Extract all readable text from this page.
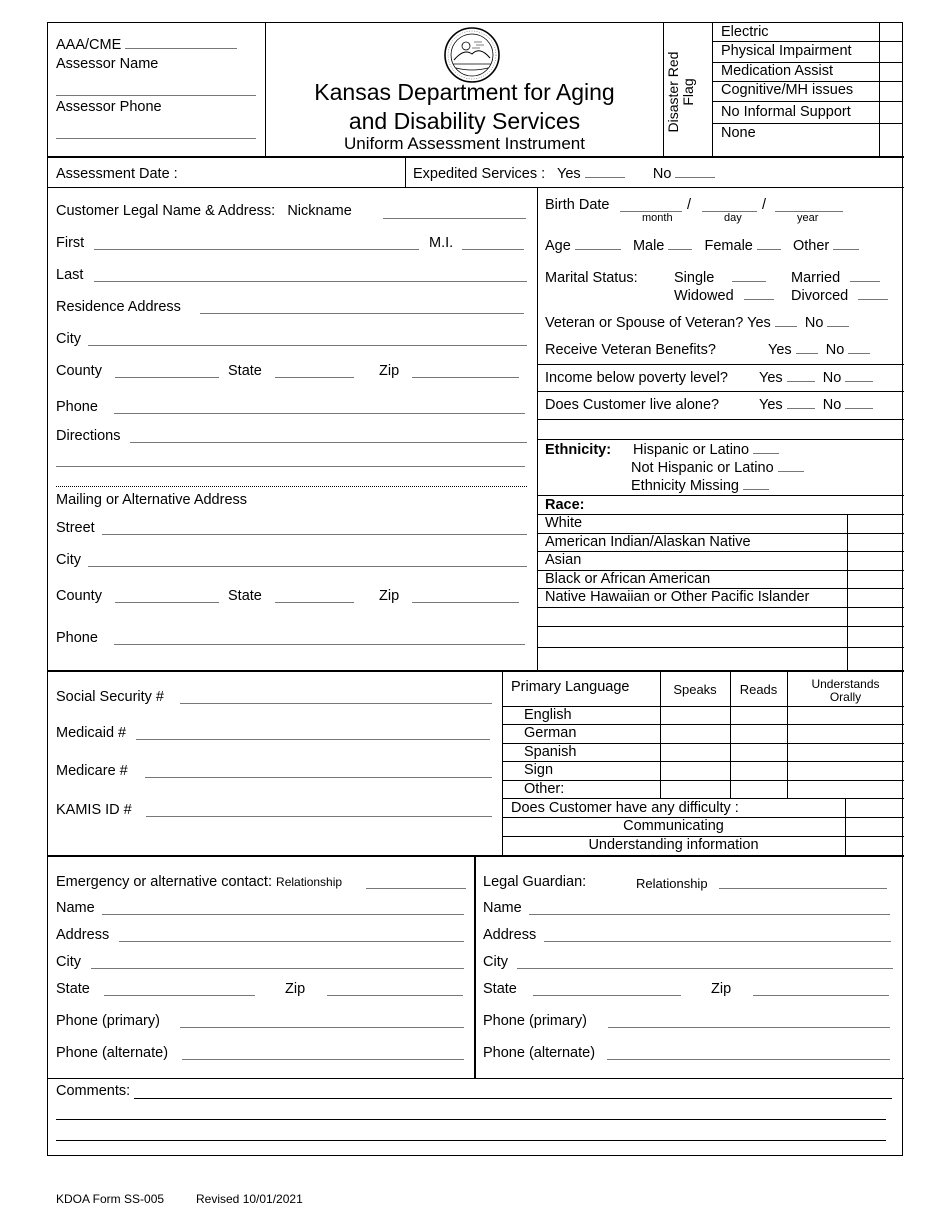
AAA/CME
Assessor Name
Assessor Phone
Kansas Department for Aging
and Disability Services
Uniform Assessment Instrument
Disaster Red Flag
Electric
Physical Impairment
Medication Assist
Cognitive/MH issues
No Informal Support
None
Assessment Date :	Expedited Services : Yes	No
Customer Legal Name & Address: Nickname
First	M.I.
Last
Residence Address
City
County	State	Zip
Phone
Directions
Mailing or Alternative Address
Street
City
County	State	Zip
Phone
Birth Date	/	/
month	day	year
Age	Male	Female	Other
Marital Status:	Single	Married
Widowed	Divorced
Veteran or Spouse of Veteran? Yes No
Receive Veteran Benefits?	Yes No
Income below poverty level? Yes	No
Does Customer live alone?	Yes	No
Ethnicity: Hispanic or Latino
Not Hispanic or Latino
Ethnicity Missing
Race:
White
American Indian/Alaskan Native
Asian
Black or African American
Native Hawaiian or Other Pacific Islander
Social Security #
Medicaid #
Medicare #
KAMIS ID #
Primary Language	Speaks	Reads	Understands Orally
English
German
Spanish
Sign
Other:
Does Customer have any difficulty :
Communicating
Understanding information
Emergency or alternative contact: Relationship
Name
Address
City
State	Zip
Phone (primary)
Phone (alternate)
Legal Guardian:	Relationship
Name
Address
City
State	Zip
Phone (primary)
Phone (alternate)
Comments:
KDOA Form SS-005	Revised 10/01/2021
